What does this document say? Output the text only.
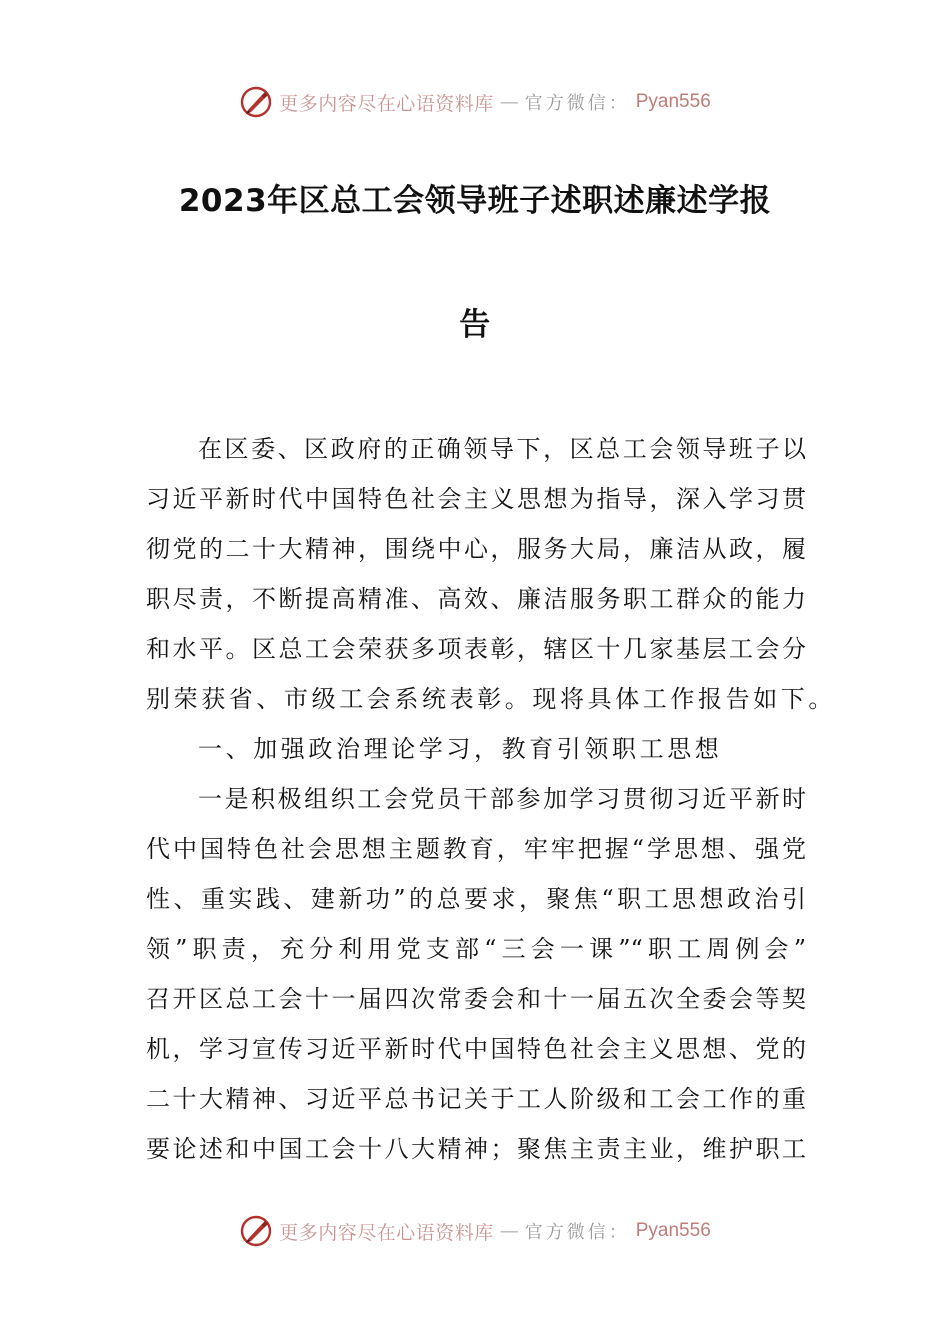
更多内容尽在心语资料库 — 官方微信： Pyan556
2023年区总工会领导班子述职述廉述学报
告
在区委、区政府的正确领导下，区总工会领导班子以
习近平新时代中国特色社会主义思想为指导，深入学习贯
彻党的二十大精神，围绕中心，服务大局，廉洁从政，履
职尽责，不断提高精准、高效、廉洁服务职工群众的能力
和水平。区总工会荣获多项表彰，辖区十几家基层工会分
别荣获省、市级工会系统表彰。现将具体工作报告如下。
一、加强政治理论学习，教育引领职工思想
一是积极组织工会党员干部参加学习贯彻习近平新时
代中国特色社会思想主题教育，牢牢把握“学思想、强党
性、重实践、建新功”的总要求，聚焦“职工思想政治引
领”职责，充分利用党支部“三会一课”“职工周例会”
召开区总工会十一届四次常委会和十一届五次全委会等契
机，学习宣传习近平新时代中国特色社会主义思想、党的
二十大精神、习近平总书记关于工人阶级和工会工作的重
要论述和中国工会十八大精神；聚焦主责主业，维护职工
更多内容尽在心语资料库 — 官方微信： Pyan556
